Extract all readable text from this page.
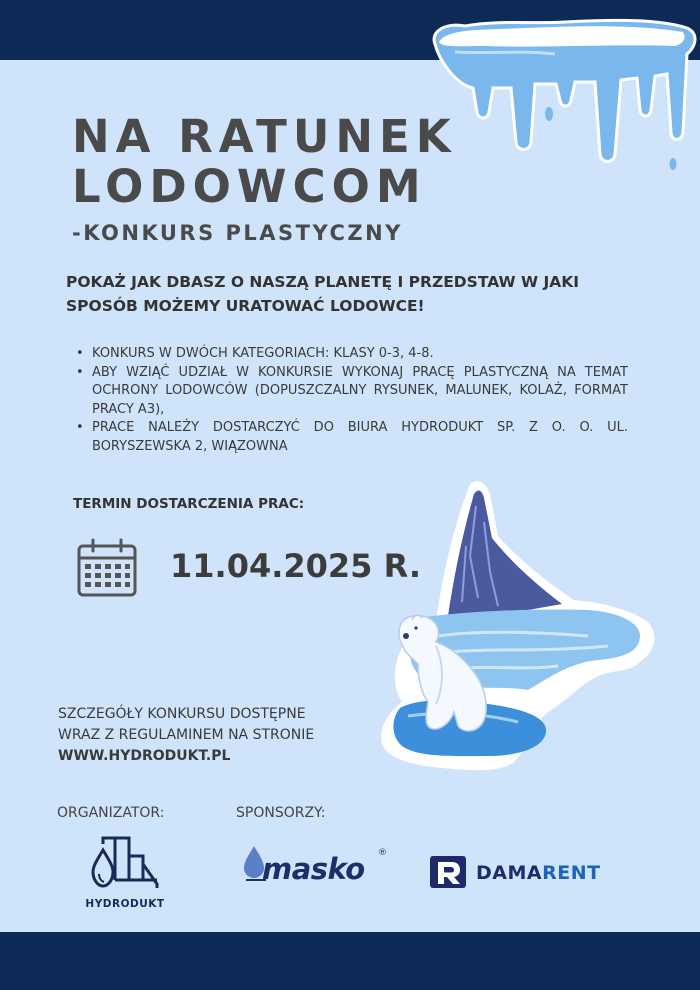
NA RATUNEK
LODOWCOM
-KONKURS PLASTYCZNY
POKAŻ JAK DBASZ O NASZĄ PLANETĘ I PRZEDSTAW W JAKI
SPOSÓB MOŻEMY URATOWAĆ LODOWCE!
• KONKURS W DWÓCH KATEGORIACH: KLASY 0-3, 4-8.
• ABY WZIĄĆ UDZIAŁ W KONKURSIE WYKONAJ PRACĘ PLASTYCZNĄ NA TEMAT OCHRONY LODOWCÓW (DOPUSZCZALNY RYSUNEK, MALUNEK, KOLAŻ, FORMAT PRACY A3),
• PRACE NALEŻY DOSTARCZYĆ DO BIURA HYDRODUKT SP. Z O. O. UL. BORYSZEWSKA 2, WIĄZOWNA
TERMIN DOSTARCZENIA PRAC:
11.04.2025 R.
SZCZEGÓŁY KONKURSU DOSTĘPNE
WRAZ Z REGULAMINEM NA STRONIE
WWW.HYDRODUKT.PL
ORGANIZATOR:	SPONSORZY:
HYDRODUKT
masko ®
DAMARENT
